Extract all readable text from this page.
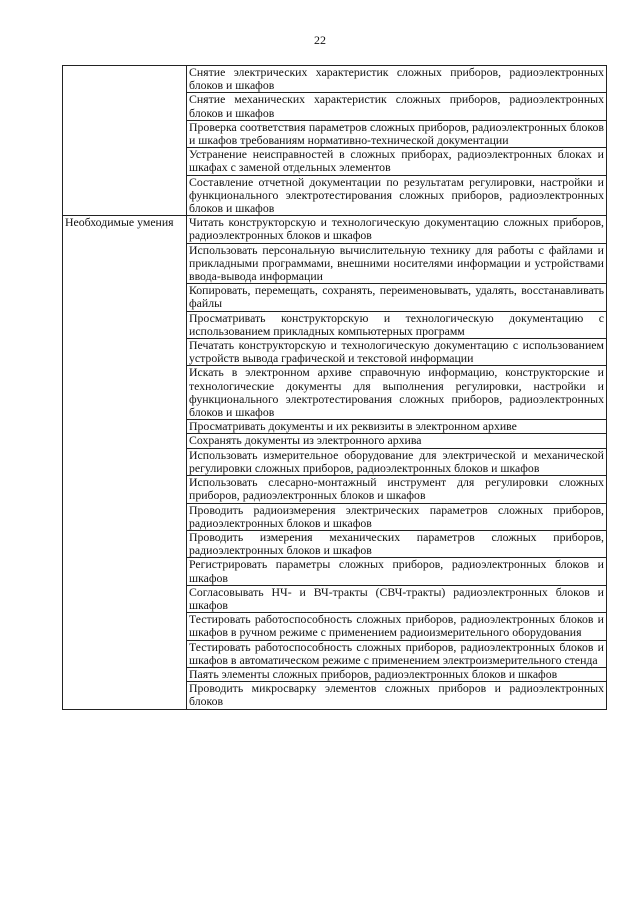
22
	Снятие электрических характеристик сложных приборов, радиоэлектронных блоков и шкафов
	Снятие механических характеристик сложных приборов, радиоэлектронных блоков и шкафов
	Проверка соответствия параметров сложных приборов, радиоэлектронных блоков и шкафов требованиям нормативно-технической документации
	Устранение неисправностей в сложных приборах, радиоэлектронных блоках и шкафах с заменой отдельных элементов
	Составление отчетной документации по результатам регулировки, настройки и функционального электротестирования сложных приборов, радиоэлектронных блоков и шкафов
Необходимые умения	Читать конструкторскую и технологическую документацию сложных приборов, радиоэлектронных блоков и шкафов
	Использовать персональную вычислительную технику для работы с файлами и прикладными программами, внешними носителями информации и устройствами ввода-вывода информации
	Копировать, перемещать, сохранять, переименовывать, удалять, восстанавливать файлы
	Просматривать конструкторскую и технологическую документацию с использованием прикладных компьютерных программ
	Печатать конструкторскую и технологическую документацию с использованием устройств вывода графической и текстовой информации
	Искать в электронном архиве справочную информацию, конструкторские и технологические документы для выполнения регулировки, настройки и функционального электротестирования сложных приборов, радиоэлектронных блоков и шкафов
	Просматривать документы и их реквизиты в электронном архиве
	Сохранять документы из электронного архива
	Использовать измерительное оборудование для электрической и механической регулировки сложных приборов, радиоэлектронных блоков и шкафов
	Использовать слесарно-монтажный инструмент для регулировки сложных приборов, радиоэлектронных блоков и шкафов
	Проводить радиоизмерения электрических параметров сложных приборов, радиоэлектронных блоков и шкафов
	Проводить измерения механических параметров сложных приборов, радиоэлектронных блоков и шкафов
	Регистрировать параметры сложных приборов, радиоэлектронных блоков и шкафов
	Согласовывать НЧ- и ВЧ-тракты (СВЧ-тракты) радиоэлектронных блоков и шкафов
	Тестировать работоспособность сложных приборов, радиоэлектронных блоков и шкафов в ручном режиме с применением радиоизмерительного оборудования
	Тестировать работоспособность сложных приборов, радиоэлектронных блоков и шкафов в автоматическом режиме с применением электроизмерительного стенда
	Паять элементы сложных приборов, радиоэлектронных блоков и шкафов
	Проводить микросварку элементов сложных приборов и радиоэлектронных блоков
